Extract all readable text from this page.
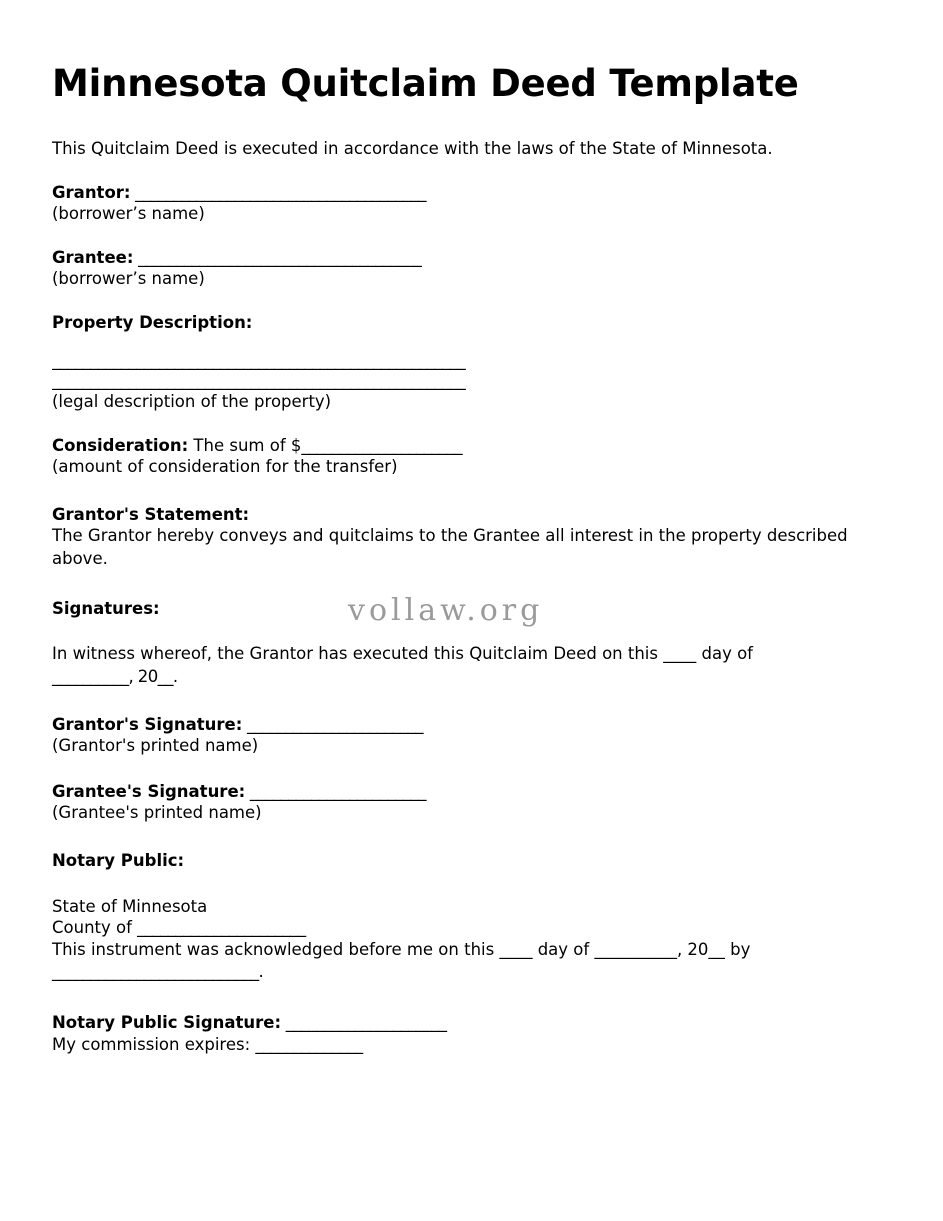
Minnesota Quitclaim Deed Template

This Quitclaim Deed is executed in accordance with the laws of the State of Minnesota.

Grantor: ______________________________________
(borrower’s name)
Grantee: _____________________________________
(borrower’s name)
Property Description:
______________________________________________________
______________________________________________________
(legal description of the property)
Consideration: The sum of $_____________________
(amount of consideration for the transfer)
Grantor's Statement:
The Grantor hereby conveys and quitclaims to the Grantee all interest in the property described above.
Signatures:
In witness whereof, the Grantor has executed this Quitclaim Deed on this ____ day of
__________, 20__.
Grantor's Signature: _______________________
(Grantor's printed name)
Grantee's Signature: _______________________
(Grantee's printed name)
Notary Public:
State of Minnesota
County of ______________________
This instrument was acknowledged before me on this ____ day of __________, 20__ by
___________________________.
Notary Public Signature: _____________________
My commission expires: ______________
vollaw.org
